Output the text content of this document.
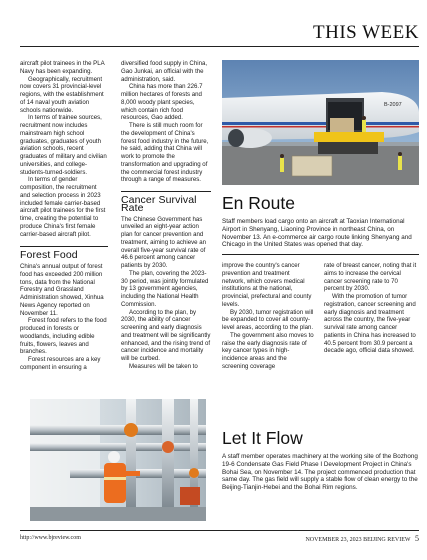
THIS WEEK

aircraft pilot trainees in the PLA Navy has been expanding.

Geographically, recruitment now covers 31 provincial-level regions, with the establishment of 14 naval youth aviation schools nationwide.

In terms of trainee sources, recruitment now includes mainstream high school graduates, graduates of youth aviation schools, recent graduates of military and civilian universities, and college-students-turned-soldiers.

In terms of gender composition, the recruitment and selection process in 2023 included female carrier-based aircraft pilot trainees for the first time, creating the potential to produce China's first female carrier-based aircraft pilot.

Forest Food

China's annual output of forest food has exceeded 200 million tons, data from the National Forestry and Grassland Administration showed, Xinhua News Agency reported on November 11.

Forest food refers to the food produced in forests or woodlands, including edible fruits, flowers, leaves and branches.

Forest resources are a key component in ensuring a

diversified food supply in China, Gao Junkai, an official with the administration, said.

China has more than 226.7 million hectares of forests and 8,000 woody plant species, which contain rich food resources, Gao added.

There is still much room for the development of China's forest food industry in the future, he said, adding that China will work to promote the transformation and upgrading of the commercial forest industry through a range of measures.

Cancer Survival Rate

The Chinese Government has unveiled an eight-year action plan for cancer prevention and treatment, aiming to achieve an overall five-year survival rate of 46.6 percent among cancer patients by 2030.

The plan, covering the 2023-30 period, was jointly formulated by 13 government agencies, including the National Health Commission.

According to the plan, by 2030, the ability of cancer screening and early diagnosis and treatment will be significantly enhanced, and the rising trend of cancer incidence and mortality will be curbed.

Measures will be taken to

B-2097
En Route

Staff members load cargo onto an aircraft at Taoxian International Airport in Shenyang, Liaoning Province in northeast China, on November 13. An e-commerce air cargo route linking Shenyang and Chicago in the United States was opened that day.

improve the country's cancer prevention and treatment network, which covers medical institutions at the national, provincial, prefectural and county levels.

By 2030, tumor registration will be expanded to cover all county-level areas, according to the plan.

The government also moves to raise the early diagnosis rate of key cancer types in high-incidence areas and the screening coverage

rate of breast cancer, noting that it aims to increase the cervical cancer screening rate to 70 percent by 2030.

With the promotion of tumor registration, cancer screening and early diagnosis and treatment across the country, the five-year survival rate among cancer patients in China has increased to 40.5 percent from 30.9 percent a decade ago, official data showed.

Let It Flow

A staff member operates machinery at the working site of the Bozhong 19-6 Condensate Gas Field Phase I Development Project in China's Bohai Sea, on November 14. The project commenced production that same day. The gas field will supply a stable flow of clean energy to the Beijing-Tianjin-Hebei and the Bohai Rim regions.

http://www.bjreview.com	NOVEMBER 23, 2023 BEIJING REVIEW 5
